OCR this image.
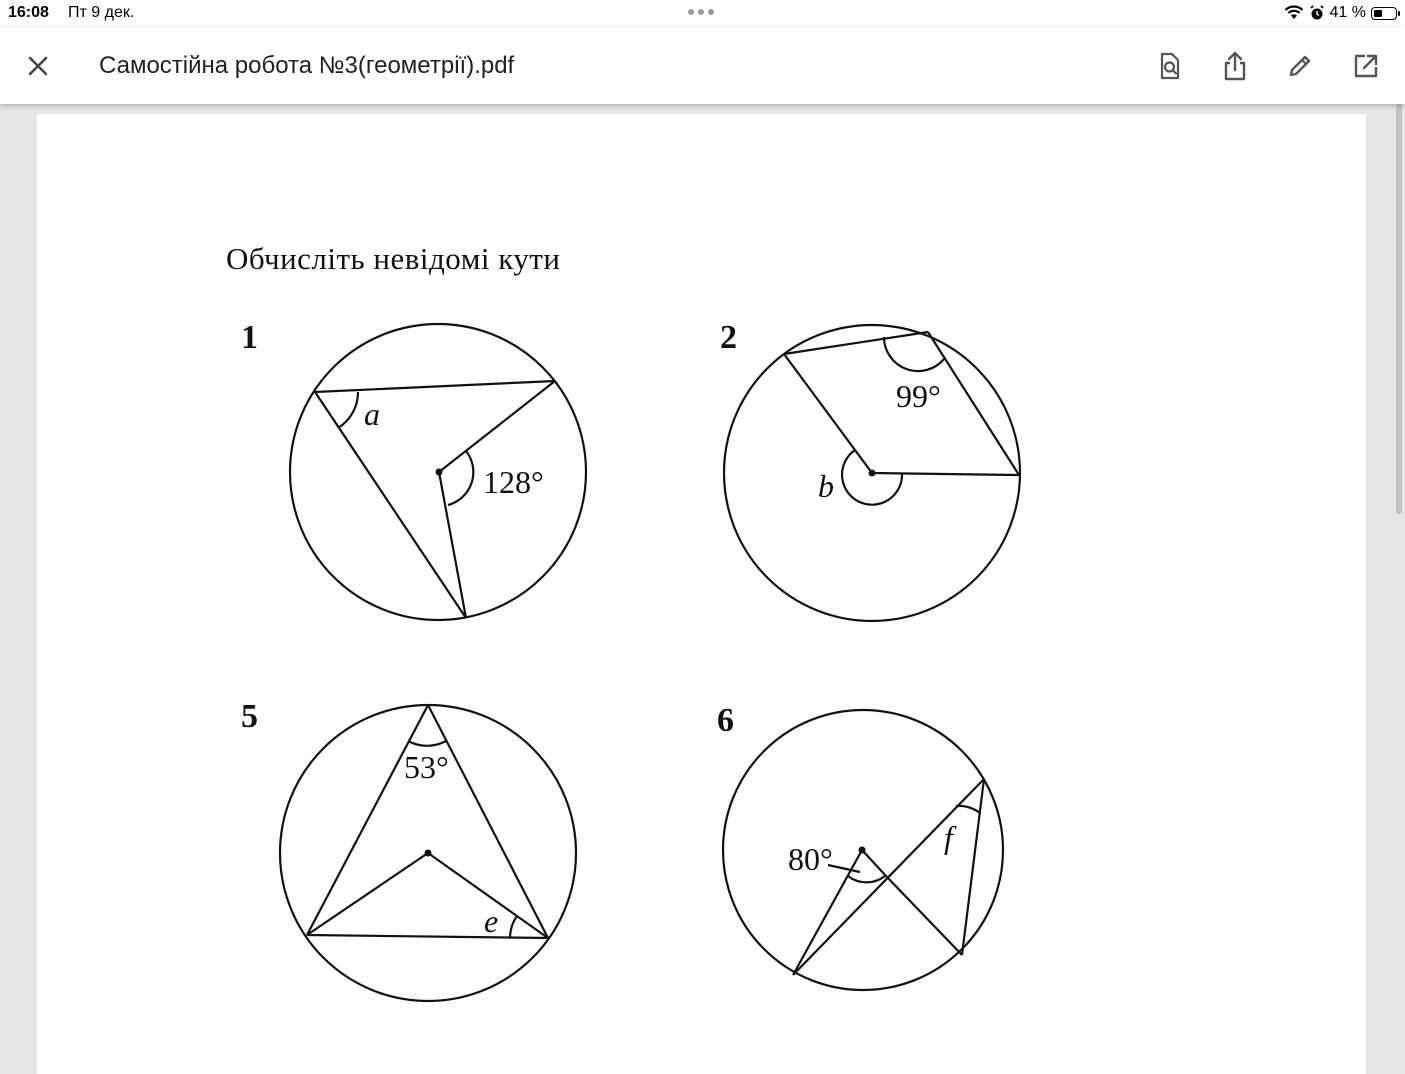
16:08 Пт 9 дек.	41 %
Самостійна робота №3(геометрії).pdf
Обчисліть невідомі кути
1	2
5	6
128°
a	99°
b
53°
e
80°
f
